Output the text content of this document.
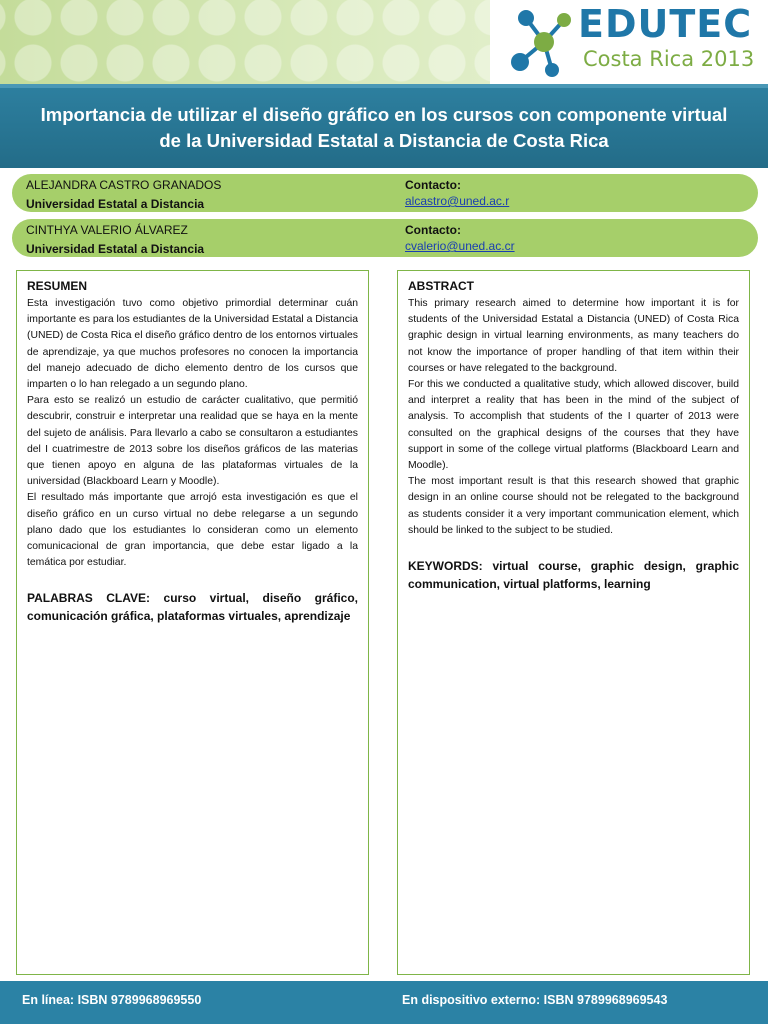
EDUTEC
Costa Rica 2013
Importancia de utilizar el diseño gráfico en los cursos con componente virtual de la Universidad Estatal a Distancia de Costa Rica
ALEJANDRA CASTRO GRANADOS
Universidad Estatal a Distancia
Contacto:
alcastro@uned.ac.r
CINTHYA VALERIO ÁLVAREZ
Universidad Estatal a Distancia
Contacto:
cvalerio@uned.ac.cr
RESUMEN

Esta investigación tuvo como objetivo primordial determinar cuán importante es para los estudiantes de la Universidad Estatal a Distancia (UNED) de Costa Rica el diseño gráfico dentro de los entornos virtuales de aprendizaje, ya que muchos profesores no conocen la importancia del manejo adecuado de dicho elemento dentro de los cursos que imparten o lo han relegado a un segundo plano.

Para esto se realizó un estudio de carácter cualitativo, que permitió descubrir, construir e interpretar una realidad que se haya en la mente del sujeto de análisis. Para llevarlo a cabo se consultaron a estudiantes del I cuatrimestre de 2013 sobre los diseños gráficos de las materias que tienen apoyo en alguna de las plataformas virtuales de la universidad (Blackboard Learn y Moodle).

El resultado más importante que arrojó esta investigación es que el diseño gráfico en un curso virtual no debe relegarse a un segundo plano dado que los estudiantes lo consideran como un elemento comunicacional de gran importancia, que debe estar ligado a la temática por estudiar.

PALABRAS CLAVE: curso virtual, diseño gráfico, comunicación gráfica, plataformas virtuales, aprendizaje
ABSTRACT

This primary research aimed to determine how important it is for students of the Universidad Estatal a Distancia (UNED) of Costa Rica graphic design in virtual learning environments, as many teachers do not know the importance of proper handling of that item within their courses or have relegated to the background.

For this we conducted a qualitative study, which allowed discover, build and interpret a reality that has been in the mind of the subject of analysis. To accomplish that students of the I quarter of 2013 were consulted on the graphical designs of the courses that they have support in some of the college virtual platforms (Blackboard Learn and Moodle).

The most important result is that this research showed that graphic design in an online course should not be relegated to the background as students consider it a very important communication element, which should be linked to the subject to be studied.

KEYWORDS: virtual course, graphic design, graphic communication, virtual platforms, learning
En línea: ISBN 9789968969550	En dispositivo externo: ISBN 9789968969543
